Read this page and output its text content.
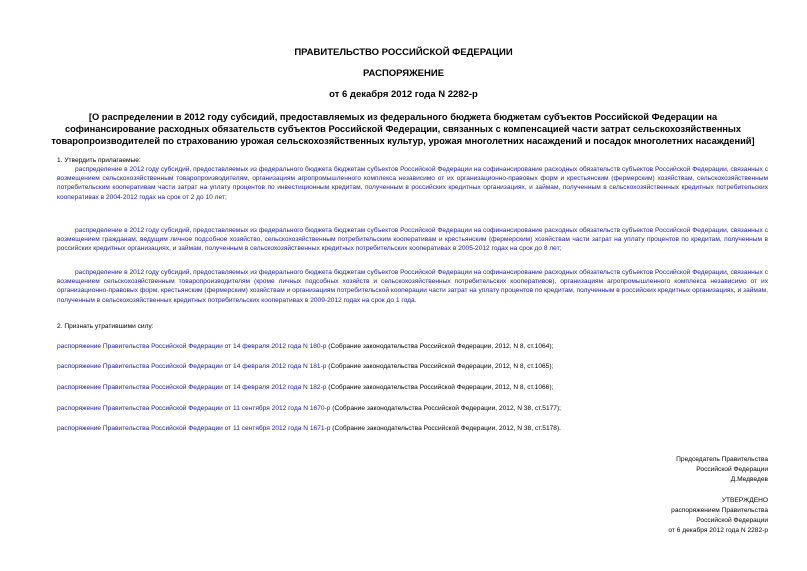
ПРАВИТЕЛЬСТВО РОССИЙСКОЙ ФЕДЕРАЦИИ
РАСПОРЯЖЕНИЕ
от 6 декабря 2012 года N 2282-р
[О распределении в 2012 году субсидий, предоставляемых из федерального бюджета бюджетам субъектов Российской Федерации на софинансирование расходных обязательств субъектов Российской Федерации, связанных с компенсацией части затрат сельскохозяйственных товаропроизводителей по страхованию урожая сельскохозяйственных культур, урожая многолетних насаждений и посадок многолетних насаждений]
1. Утвердить прилагаемые:
распределение в 2012 году субсидий, предоставляемых из федерального бюджета бюджетам субъектов Российской Федерации на софинансирование расходных обязательств субъектов Российской Федерации, связанных с возмещением сельскохозяйственным товаропроизводителям, организациям агропромышленного комплекса независимо от их организационно-правовых форм и крестьянским (фермерским) хозяйствам, сельскохозяйственным потребительским кооперативам части затрат на уплату процентов по инвестиционным кредитам, полученным в российских кредитных организациях, и займам, полученным в сельскохозяйственных кредитных потребительских кооперативах в 2004-2012 годах на срок от 2 до 10 лет;
распределение в 2012 году субсидий, предоставляемых из федерального бюджета бюджетам субъектов Российской Федерации на софинансирование расходных обязательств субъектов Российской Федерации, связанных с возмещением гражданам, ведущим личное подсобное хозяйство, сельскохозяйственным потребительским кооперативам и крестьянским (фермерским) хозяйствам части затрат на уплату процентов по кредитам, полученным в российских кредитных организациях, и займам, полученным в сельскохозяйственных кредитных потребительских кооперативах в 2005-2012 годах на срок до 8 лет;
распределение в 2012 году субсидий, предоставляемых из федерального бюджета бюджетам субъектов Российской Федерации на софинансирование расходных обязательств субъектов Российской Федерации, связанных с возмещением сельскохозяйственным товаропроизводителям (кроме личных подсобных хозяйств и сельскохозяйственных потребительских кооперативов), организациям агропромышленного комплекса независимо от их организационно-правовых форм, крестьянским (фермерским) хозяйствам и организациям потребительской кооперации части затрат на уплату процентов по кредитам, полученным в российских кредитных организациях, и займам, полученным в сельскохозяйственных кредитных потребительских кооперативах в 2009-2012 годах на срок до 1 года.
2. Признать утратившими силу:
распоряжение Правительства Российской Федерации от 14 февраля 2012 года N 180-р (Собрание законодательства Российской Федерации, 2012, N 8, ст.1064);
распоряжение Правительства Российской Федерации от 14 февраля 2012 года N 181-р (Собрание законодательства Российской Федерации, 2012, N 8, ст.1065);
распоряжение Правительства Российской Федерации от 14 февраля 2012 года N 182-р (Собрание законодательства Российской Федерации, 2012, N 8, ст.1066);
распоряжение Правительства Российской Федерации от 11 сентября 2012 года N 1670-р (Собрание законодательства Российской Федерации, 2012, N 38, ст.5177);
распоряжение Правительства Российской Федерации от 11 сентября 2012 года N 1671-р (Собрание законодательства Российской Федерации, 2012, N 38, ст.5178).
Председатель Правительства
Российской Федерации
Д.Медведев
УТВЕРЖДЕНО
распоряжением Правительства
Российской Федерации
от 6 декабря 2012 года N 2282-р
